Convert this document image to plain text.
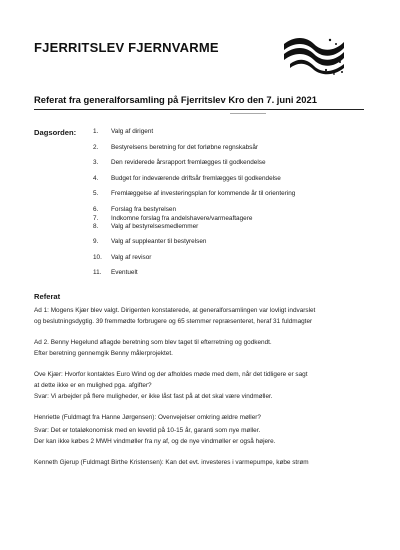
FJERRITSLEV FJERNVARME
Referat fra generalforsamling på Fjerritslev Kro den 7. juni 2021
Dagsorden:	1.	Valg af dirigent
2.	Bestyrelsens beretning for det forløbne regnskabsår
3.	Den reviderede årsrapport fremlægges til godkendelse
4.	Budget for indeværende driftsår fremlægges til godkendelse
5.	Fremlæggelse af investeringsplan for kommende år til orientering
6.	Forslag fra bestyrelsen
7.	Indkomne forslag fra andelshavere/varmeaftagere
8.	Valg af bestyrelsesmedlemmer
9.	Valg af suppleanter til bestyrelsen
10.	Valg af revisor
11.	Eventuelt
Referat
Ad 1: Mogens Kjær blev valgt. Dirigenten konstaterede, at generalforsamlingen var lovligt indvarslet
og beslutningsdygtig. 39 fremmødte forbrugere og 65 stemmer repræsenteret, heraf 31 fuldmagter
Ad 2. Benny Hegelund aflagde beretning som blev taget til efterretning og godkendt.
Efter beretning gennemgik Benny målerprojektet.
Ove Kjær: Hvorfor kontaktes Euro Wind og der afholdes møde med dem, når det tidligere er sagt
at dette ikke er en mulighed pga. afgifter?
Svar: Vi arbejder på flere muligheder, er ikke låst fast på at det skal være vindmøller.
Henriette (Fuldmagt fra Hanne Jørgensen): Ovenvejelser omkring ældre møller?
Svar: Det er totaløkonomisk med en levetid på 10-15 år, garanti som nye møller.
Der kan ikke købes 2 MWH vindmøller fra ny af, og de nye vindmøller er også højere.
Kenneth Gjerup (Fuldmagt Birthe Kristensen): Kan det evt. investeres i varmepumpe, købe strøm
